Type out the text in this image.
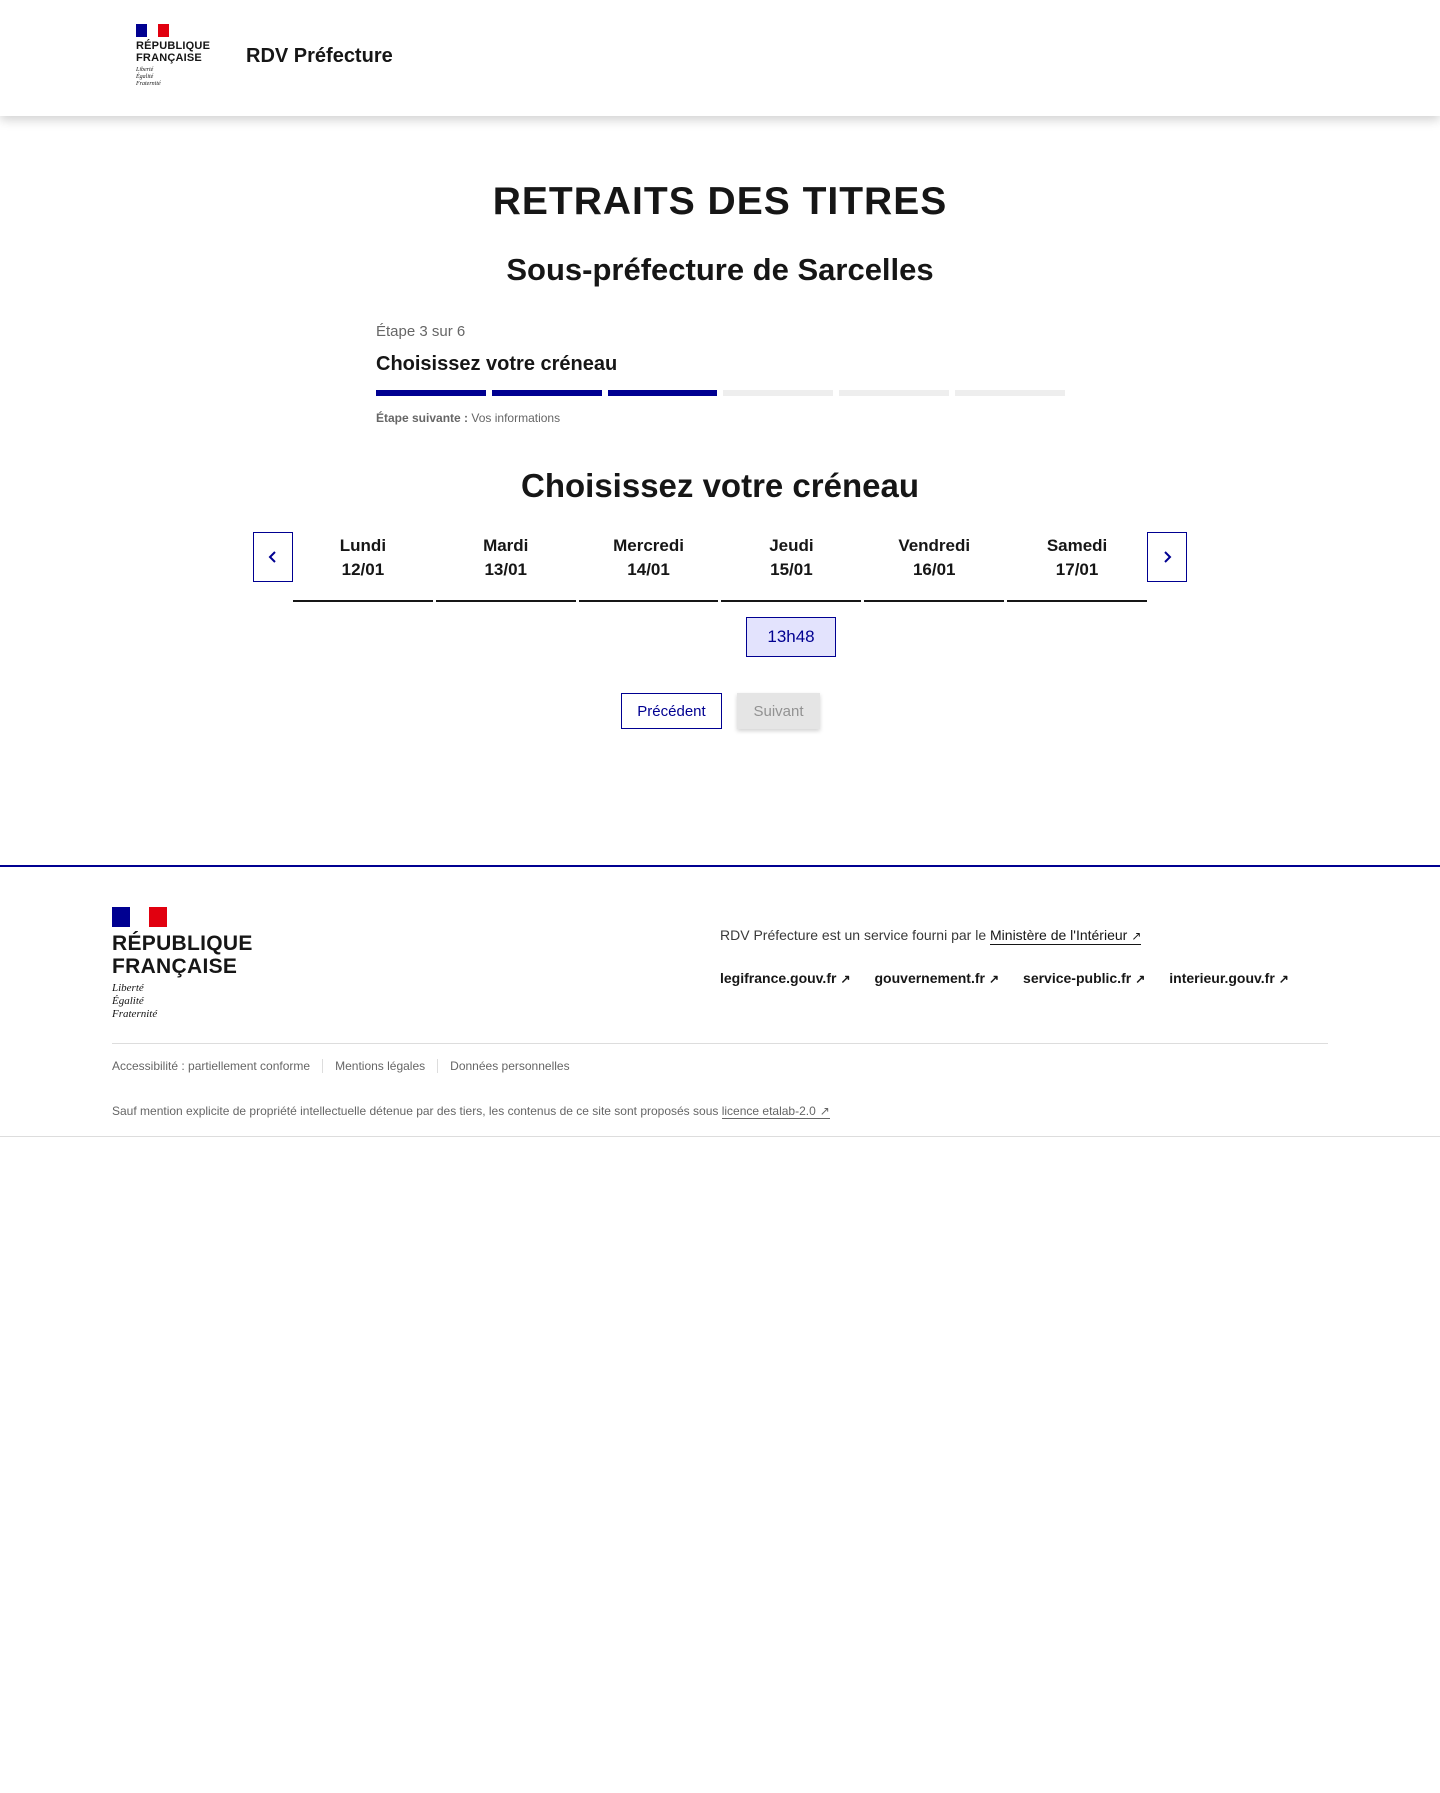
RÉPUBLIQUE
FRANÇAISE
Liberté
Égalité
Fraternité
RDV Préfecture
RETRAITS DES TITRES
Sous-préfecture de Sarcelles
Étape 3 sur 6
Choisissez votre créneau
Étape suivante : Vos informations
Choisissez votre créneau
Lundi
12/01
Mardi
13/01
Mercredi
14/01
Jeudi
15/01
Vendredi
16/01
Samedi
17/01
13h48
Précédent	Suivant
RÉPUBLIQUE
FRANÇAISE
Liberté
Égalité
Fraternité
RDV Préfecture est un service fourni par le Ministère de l'Intérieur ↗
legifrance.gouv.fr ↗ gouvernement.fr ↗ service-public.fr ↗ interieur.gouv.fr ↗
Accessibilité : partiellement conforme	Mentions légales	Données personnelles
Sauf mention explicite de propriété intellectuelle détenue par des tiers, les contenus de ce site sont proposés sous licence etalab-2.0 ↗
